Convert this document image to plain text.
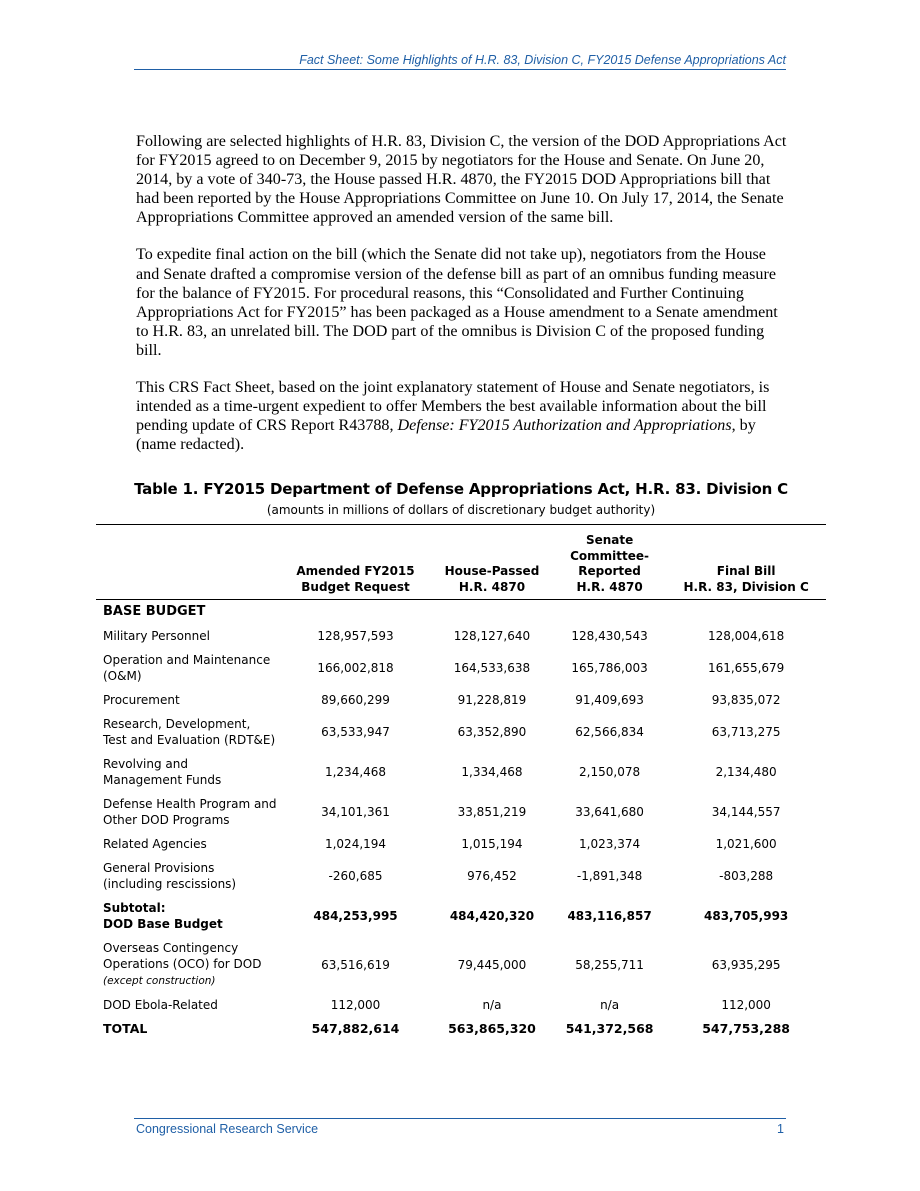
Fact Sheet: Some Highlights of H.R. 83, Division C, FY2015 Defense Appropriations Act

Following are selected highlights of H.R. 83, Division C, the version of the DOD Appropriations Act for FY2015 agreed to on December 9, 2015 by negotiators for the House and Senate. On June 20, 2014, by a vote of 340-73, the House passed H.R. 4870, the FY2015 DOD Appropriations bill that had been reported by the House Appropriations Committee on June 10. On July 17, 2014, the Senate Appropriations Committee approved an amended version of the same bill.

To expedite final action on the bill (which the Senate did not take up), negotiators from the House and Senate drafted a compromise version of the defense bill as part of an omnibus funding measure for the balance of FY2015. For procedural reasons, this “Consolidated and Further Continuing Appropriations Act for FY2015” has been packaged as a House amendment to a Senate amendment to H.R. 83, an unrelated bill. The DOD part of the omnibus is Division C of the proposed funding bill.

This CRS Fact Sheet, based on the joint explanatory statement of House and Senate negotiators, is intended as a time-urgent expedient to offer Members the best available information about the bill pending update of CRS Report R43788, Defense: FY2015 Authorization and Appropriations, by (name redacted).

Table 1. FY2015 Department of Defense Appropriations Act, H.R. 83. Division C
(amounts in millions of dollars of discretionary budget authority)
	Amended FY2015
Budget Request	House-Passed
H.R. 4870	Senate
Committee-
Reported
H.R. 4870	Final Bill
H.R. 83, Division C
BASE BUDGET				
Military Personnel	128,957,593	128,127,640	128,430,543	128,004,618
Operation and Maintenance
(O&M)	166,002,818	164,533,638	165,786,003	161,655,679
Procurement	89,660,299	91,228,819	91,409,693	93,835,072
Research, Development,
Test and Evaluation (RDT&E)	63,533,947	63,352,890	62,566,834	63,713,275
Revolving and
Management Funds	1,234,468	1,334,468	2,150,078	2,134,480
Defense Health Program and
Other DOD Programs	34,101,361	33,851,219	33,641,680	34,144,557
Related Agencies	1,024,194	1,015,194	1,023,374	1,021,600
General Provisions
(including rescissions)	-260,685	976,452	-1,891,348	-803,288
Subtotal:
DOD Base Budget	484,253,995	484,420,320	483,116,857	483,705,993
Overseas Contingency
Operations (OCO) for DOD
(except construction)	63,516,619	79,445,000	58,255,711	63,935,295
DOD Ebola-Related	112,000	n/a	n/a	112,000
TOTAL	547,882,614	563,865,320	541,372,568	547,753,288
Congressional Research Service	1
